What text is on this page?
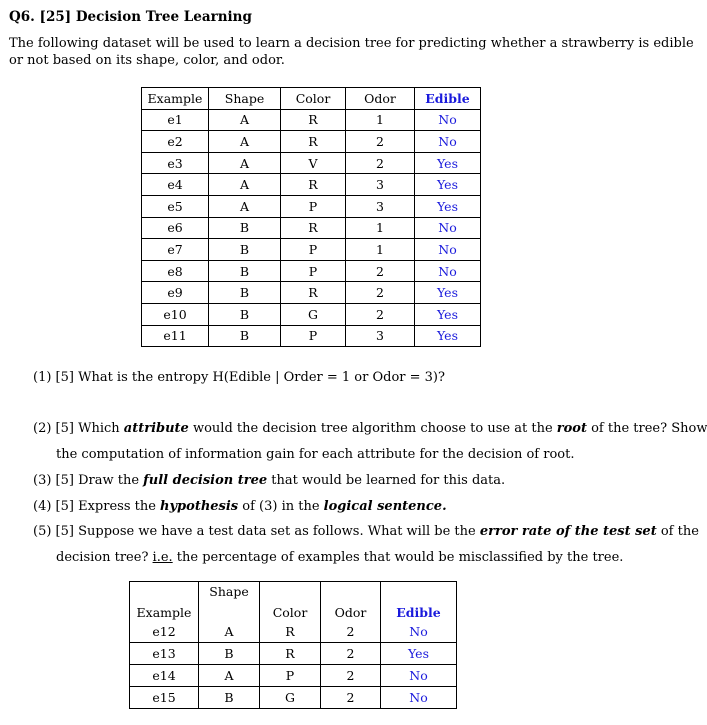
Q6. [25] Decision Tree Learning
The following dataset will be used to learn a decision tree for predicting whether a strawberry is edible or not based on its shape, color, and odor.
Example	Shape	Color	Odor	Edible
e1	A	R	1	No
e2	A	R	2	No
e3	A	V	2	Yes
e4	A	R	3	Yes
e5	A	P	3	Yes
e6	B	R	1	No
e7	B	P	1	No
e8	B	P	2	No
e9	B	R	2	Yes
e10	B	G	2	Yes
e11	B	P	3	Yes
(1) [5] What is the entropy H(Edible | Order = 1 or Odor = 3)?
(2) [5] Which attribute would the decision tree algorithm choose to use at the root of the tree? Show
the computation of information gain for each attribute for the decision of root.
(3) [5] Draw the full decision tree that would be learned for this data.
(4) [5] Express the hypothesis of (3) in the logical sentence.
(5) [5] Suppose we have a test data set as follows. What will be the error rate of the test set of the
decision tree? i.e. the percentage of examples that would be misclassified by the tree.
Example	Shape	Color	Odor	Edible
e12	A	R	2	No
e13	B	R	2	Yes
e14	A	P	2	No
e15	B	G	2	No
